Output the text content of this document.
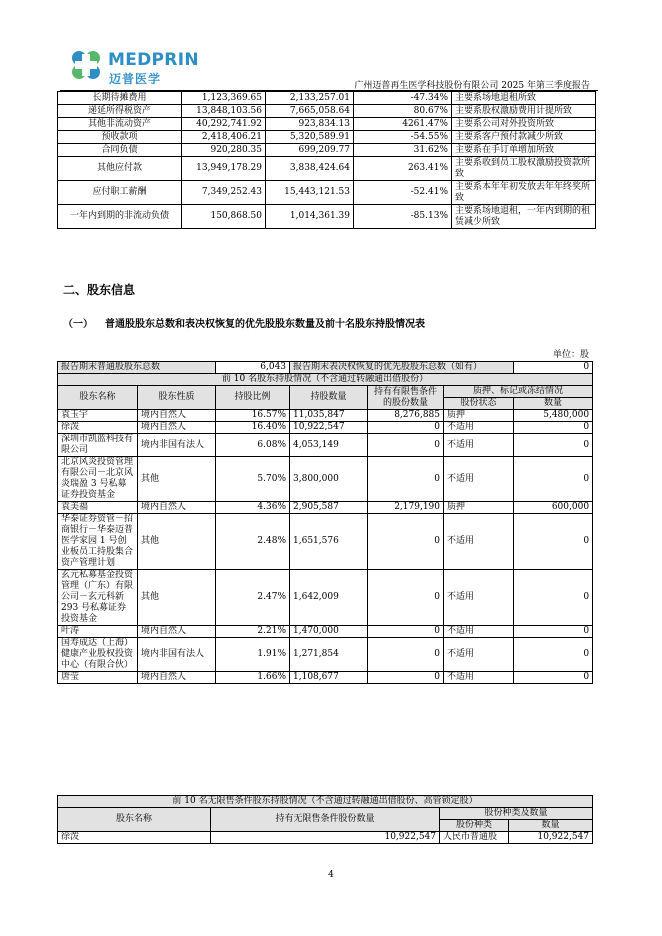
MEDPRIN
迈普医学	广州迈普再生医学科技股份有限公司 2025 年第三季度报告
长期待摊费用	1,123,369.65	2,133,257.01	-47.34%	主要系场地退租所致
递延所得税资产	13,848,103.56	7,665,058.64	80.67%	主要系股权激励费用计提所致
其他非流动资产	40,292,741.92	923,834.13	4261.47%	主要系公司对外投资所致
预收款项	2,418,406.21	5,320,589.91	-54.55%	主要系客户预付款减少所致
合同负债	920,280.35	699,209.77	31.62%	主要系在手订单增加所致
其他应付款	13,949,178.29	3,838,424.64	263.41%	主要系收到员工股权激励投资款所致
应付职工薪酬	7,349,252.43	15,443,121.53	-52.41%	主要系本年年初发放去年年终奖所致
一年内到期的非流动负债	150,868.50	1,014,361.39	-85.13%	主要系场地退租，一年内到期的租赁减少所致
二、股东信息
（一） 普通股股东总数和表决权恢复的优先股股东数量及前十名股东持股情况表
单位：股
报告期末普通股股东总数		6,043	报告期末表决权恢复的优先股股东总数（如有）			0
前 10 名股东持股情况（不含通过转融通出借股份）						
股东名称	股东性质	持股比例	持股数量	持有有限售条件的股份数量	质押、标记或冻结情况	
					股份状态	数量
袁玉宇	境内自然人	16.57%	11,035,847	8,276,885	质押	5,480,000
徐泼	境内自然人	16.40%	10,922,547	0	不适用	0
深圳市凯蓝科技有限公司	境内非国有法人	6.08%	4,053,149	0	不适用	0
北京风炎投资管理有限公司－北京风炎瑞盈 3 号私募证券投资基金	其他	5.70%	3,800,000	0	不适用	0
袁美福	境内自然人	4.36%	2,905,587	2,179,190	质押	600,000
华泰证券资管－招商银行－华泰迈普医学家园 1 号创业板员工持股集合资产管理计划	其他	2.48%	1,651,576	0	不适用	0
玄元私募基金投资管理（广东）有限公司－玄元科新 293 号私募证券投资基金	其他	2.47%	1,642,009	0	不适用	0
叶涛	境内自然人	2.21%	1,470,000	0	不适用	0
国寿成达（上海）健康产业股权投资中心（有限合伙）	境内非国有法人	1.91%	1,271,854	0	不适用	0
唐莹	境内自然人	1.66%	1,108,677	0	不适用	0
前 10 名无限售条件股东持股情况（不含通过转融通出借股份、高管锁定股）			
股东名称	持有无限售条件股份数量	股份种类及数量	
		股份种类	数量
徐泼	10,922,547	人民币普通股	10,922,547
4
